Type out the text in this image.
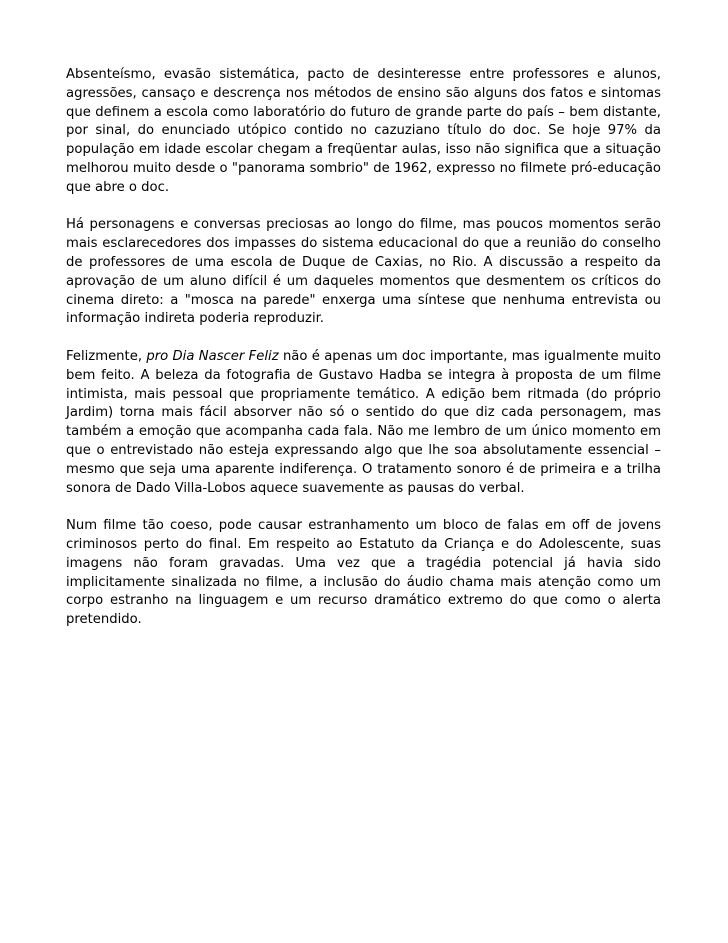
Absenteísmo, evasão sistemática, pacto de desinteresse entre professores e alunos, agressões, cansaço e descrença nos métodos de ensino são alguns dos fatos e sintomas que definem a escola como laboratório do futuro de grande parte do país – bem distante, por sinal, do enunciado utópico contido no cazuziano título do doc. Se hoje 97% da população em idade escolar chegam a freqüentar aulas, isso não significa que a situação melhorou muito desde o "panorama sombrio" de 1962, expresso no filmete pró-educação que abre o doc.

Há personagens e conversas preciosas ao longo do filme, mas poucos momentos serão mais esclarecedores dos impasses do sistema educacional do que a reunião do conselho de professores de uma escola de Duque de Caxias, no Rio. A discussão a respeito da aprovação de um aluno difícil é um daqueles momentos que desmentem os críticos do cinema direto: a "mosca na parede" enxerga uma síntese que nenhuma entrevista ou informação indireta poderia reproduzir.

Felizmente, pro Dia Nascer Feliz não é apenas um doc importante, mas igualmente muito bem feito. A beleza da fotografia de Gustavo Hadba se integra à proposta de um filme intimista, mais pessoal que propriamente temático. A edição bem ritmada (do próprio Jardim) torna mais fácil absorver não só o sentido do que diz cada personagem, mas também a emoção que acompanha cada fala. Não me lembro de um único momento em que o entrevistado não esteja expressando algo que lhe soa absolutamente essencial – mesmo que seja uma aparente indiferença. O tratamento sonoro é de primeira e a trilha sonora de Dado Villa-Lobos aquece suavemente as pausas do verbal.

Num filme tão coeso, pode causar estranhamento um bloco de falas em off de jovens criminosos perto do final. Em respeito ao Estatuto da Criança e do Adolescente, suas imagens não foram gravadas. Uma vez que a tragédia potencial já havia sido implicitamente sinalizada no filme, a inclusão do áudio chama mais atenção como um corpo estranho na linguagem e um recurso dramático extremo do que como o alerta pretendido.
